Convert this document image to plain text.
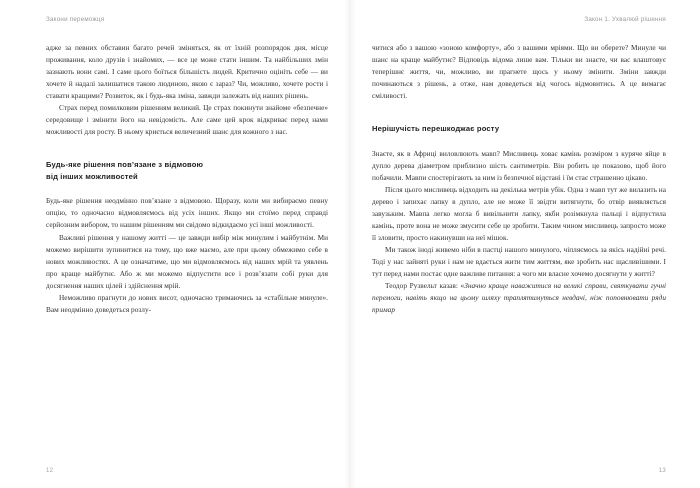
Закони переможця

адже за певних обставин багато речей зміняться, як от їхній розпорядок дня, місце проживання, коло друзів і знайомих, — все це може стати іншим. Та найбільших змін зазнають вони самі. І саме цього боїться більшість людей. Критично оцініть себе — ви хочете й надалі залишатися такою людиною, якою є зараз? Чи, можливо, хочете рости і ставати кращими? Розвиток, як і будь-яка зміна, завжди залежать від наших рішень.

Страх перед помилковим рішенням великий. Це страх покинути знайоме «безпечне» середовище і змінити його на невідомість. Але саме цей крок відкриває перед нами можливості для росту. В ньому криється величезний шанс для кожного з нас.

Будь-яке рішення пов’язане з відмовою
від інших можливостей

Будь-яке рішення неодмінно пов’язане з відмовою. Щоразу, коли ми вибираємо певну опцію, то одночасно відмовляємось від усіх інших. Якщо ми стоїмо перед справді серйозним вибором, то нашим рішенням ми свідомо відкидаємо усі інші можливості.

Важливі рішення у нашому житті — це завжди вибір між минулим і майбутнім. Ми можемо вирішити зупинитися на тому, що вже маємо, але при цьому обмежимо себе в нових можливостях. А це означатиме, що ми відмовляємось від наших мрій та уявлень про краще майбутнє. Або ж ми можемо відпустити все і розв’язати собі руки для досягнення наших цілей і здійснення мрій.

Неможливо прагнути до нових висот, одночасно тримаючись за «стабільне минуле». Вам неодмінно доведеться розлу-

12
Закон 1. Ухвалюй рішення

читися або з вашою «зоною комфорту», або з вашими мріями. Що ви оберете? Минуле чи шанс на краще майбутнє? Відповідь відома лише вам. Тільки ви знаєте, чи вас влаштовує теперішнє життя, чи, можливо, ви прагнете щось у ньому змінити. Зміни завжди починаються з рішень, а отже, нам доведеться від чогось відмовитись. А це вимагає сміливості.

Нерішучість перешкоджає росту

Знаєте, як в Африці виловлюють мавп? Мисливець ховає камінь розміром з куряче яйце в дупло дерева діаметром приблизно шість сантиметрів. Він робить це показово, щоб його побачили. Мавпи спостерігають за ним із безпечної відстані і їм стає страшенно цікаво.

Після цього мисливець відходить на декілька метрів убік. Одна з мавп тут же вилазить на дерево і запихає лапку в дупло, але не може її звідти витягнути, бо отвір виявляється завузьким. Мавпа легко могла б вивільнити лапку, якби розімкнула пальці і відпустила камінь, проте вона не може змусити себе це зробити. Таким чином мисливець запросто може її зловити, просто накинувши на неї мішок.

Ми також іноді живемо ніби в пастці нашого минулого, чіпляємось за якісь надійні речі. Тоді у нас зайняті руки і нам не вдається жити тим життям, яке зробить нас щасливішими. І тут перед нами постає одне важливе питання: а чого ми власне хочемо досягнути у житті?

Теодор Рузвельт казав: «Значно краще наважитися на великі справи, святкувати гучні перемоги, навіть якщо на цьому шляху траплятимуться невдачі, ніж поповнювати ряди примар

13
